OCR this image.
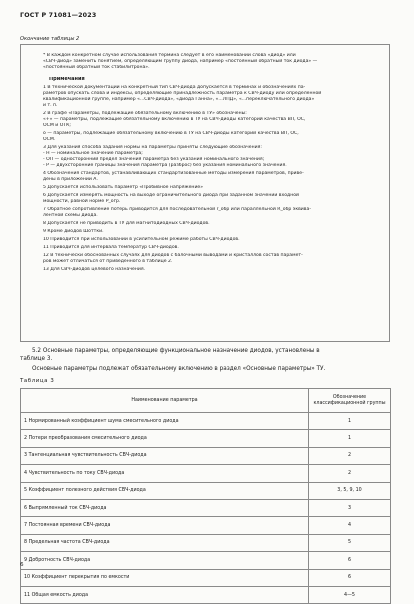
ГОСТ Р 71081—2023
Окончание таблицы 2
* В каждом конкретном случае использования термина следует в его наименовании слова «диод» или
«СВЧ-диод» заменить понятием, определяющим группу диода, например «постоянный обратный ток диода» —
«постоянный обратный ток стабилитрона».
Примечания
1 В технической документации на конкретный тип СВЧ-диода допускается в терминах и обозначениях па-
раметров опускать слова и индексы, определяющие принадлежность параметра к СВЧ-диоду или определенной
квалификационной группе, например «...СВЧ-диода», «диода Ганна», «...ЛПД», «...переключательного диода»
и т. п.
2 В графе «Параметры, подлежащие обязательному включению в ТУ» обозначены:
«+» — параметры, подлежащие обязательному включению в ТУ на СВЧ-диоды категорий качества ВП, ОС,
ОСМ и ОТК;
о — параметры, подлежащие обязательному включению в ТУ на СВЧ-диоды категорий качества ВП, ОС,
ОСМ.
3 Для указания способа задания нормы на параметры приняты следующие обозначения:
- Н — номинальное значение параметра;
- ОП — односторонний предел значения параметра без указания номинального значения;
- Р — двухсторонние границы значения параметра (разброс) без указания номинального значения.
4 Обозначения стандартов, устанавливающих стандартизованные методы измерения параметров, приве-
дены в приложении А.
5 Допускается использовать параметр «Пробивное напряжение»
6 Допускается измерять мощность на выходе ограничительного диода при заданном значении входной
мощности, равной норме P_огр.
7 Обратное сопротивление потерь приводится для последовательной r_обр или параллельной R_обр эквива-
лентной схемы диода.
8 Допускается не приводить в ТУ для магнитодиодных СВЧ-диодов.
9 Кроме диодов Шоттки.
10 Приводится при использовании в усилительном режиме работы СВЧ-диодов.
11 Приводится для интервала температур СВЧ-диодов.
12 В технически обоснованных случаях для диодов с балочными выводами и кристаллов состав парамет-
ров может отличаться от приведенного в таблице 2.
13 Для СВЧ-диодов целевого назначения.
5.2 Основные параметры, определяющие функциональное назначение диодов, установлены в
таблице 3.
Основные параметры подлежат обязательному включению в раздел «Основные параметры» ТУ.
Таблица 3
Наименование параметра	Обозначение
классификационной группы
1 Нормированный коэффициент шума смесительного диода	1
2 Потери преобразования смесительного диода	1
3 Тангенциальная чувствительность СВЧ-диода	2
4 Чувствительность по току СВЧ-диода	2
5 Коэффициент полезного действия СВЧ-диода	3, 5, 9, 10
6 Выпрямленный ток СВЧ-диода	3
7 Постоянная времени СВЧ-диода	4
8 Предельная частота СВЧ-диода	5
9 Добротность СВЧ-диода	6
10 Коэффициент перекрытия по емкости	6
11 Общая емкость диода	4—5
6
